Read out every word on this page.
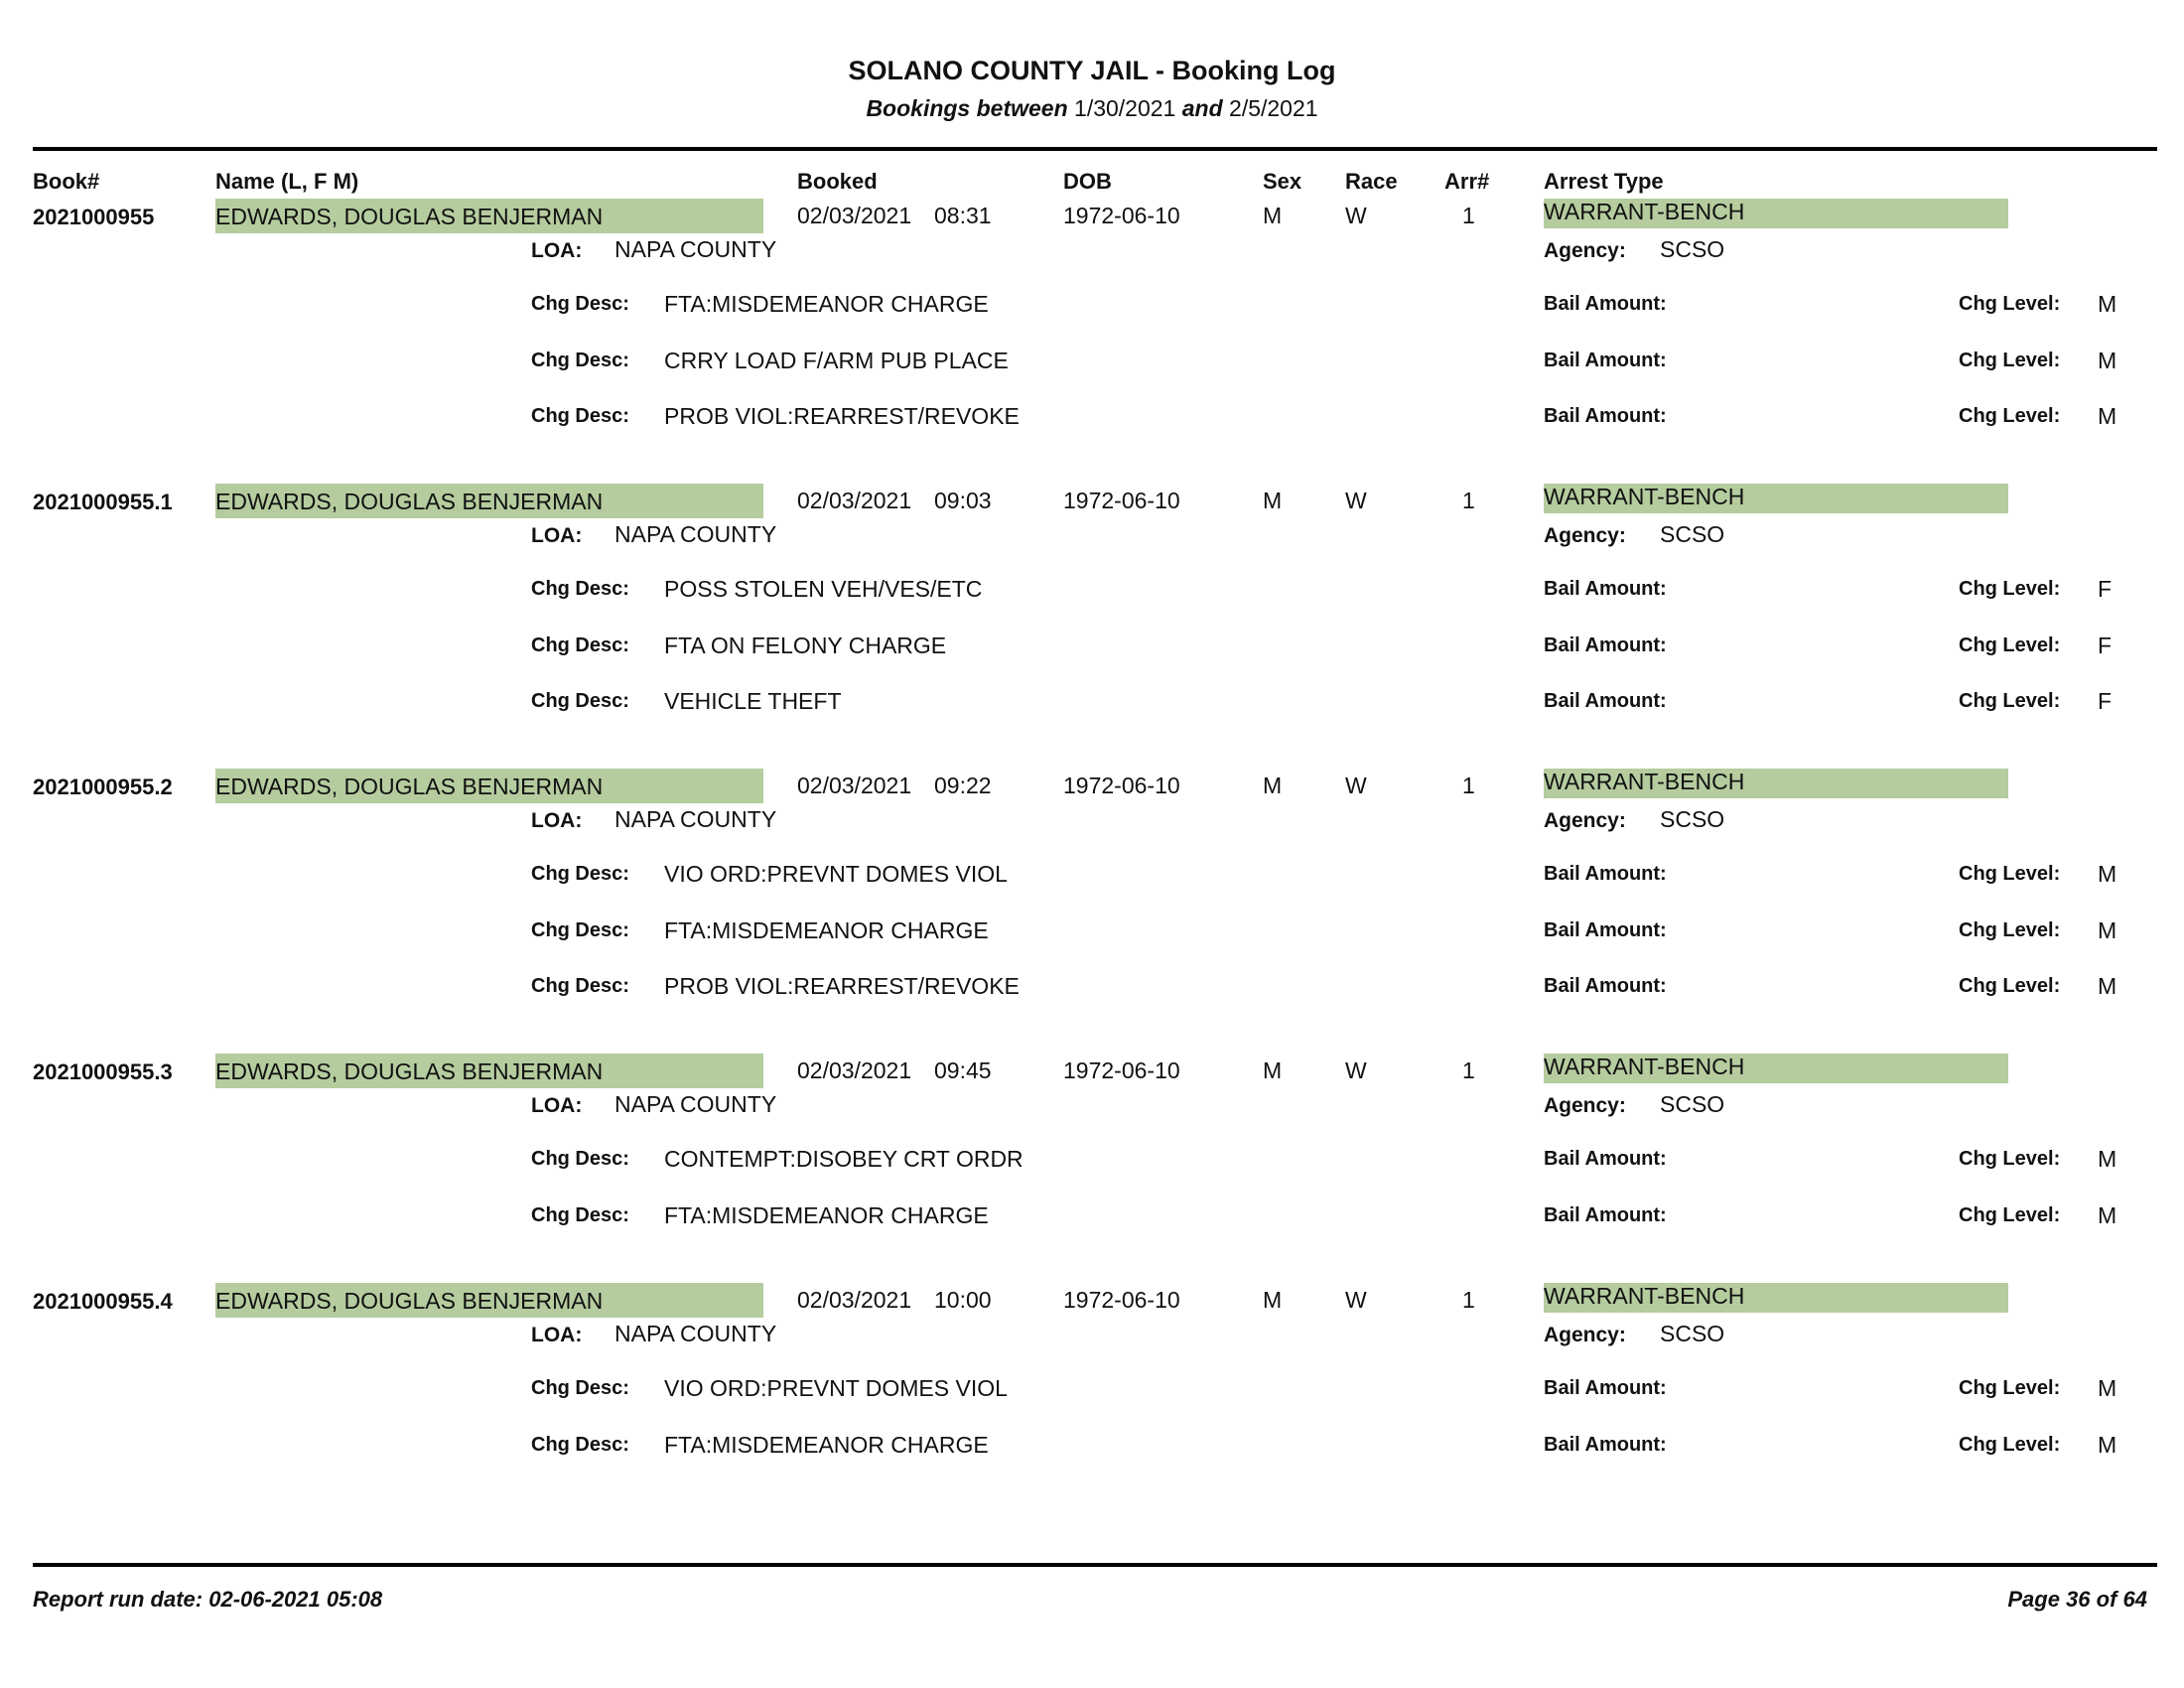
SOLANO COUNTY JAIL - Booking Log
Bookings between 1/30/2021 and 2/5/2021
Book#	Name (L, F M)	Booked	DOB	Sex Race Arr# Arrest Type
2021000955	EDWARDS, DOUGLAS BENJERMAN	02/03/2021 08:31	1972-06-10	M	W	1	WARRANT-BENCH
LOA: NAPA COUNTY	Agency: SCSO
Chg Desc: FTA:MISDEMEANOR CHARGE	Bail Amount:	Chg Level: M
Chg Desc: CRRY LOAD F/ARM PUB PLACE	Bail Amount:	Chg Level: M
Chg Desc: PROB VIOL:REARREST/REVOKE	Bail Amount:	Chg Level: M
2021000955.1 EDWARDS, DOUGLAS BENJERMAN	02/03/2021 09:03	1972-06-10	M	W	1	WARRANT-BENCH
LOA: NAPA COUNTY	Agency: SCSO
Chg Desc: POSS STOLEN VEH/VES/ETC	Bail Amount:	Chg Level: F
Chg Desc: FTA ON FELONY CHARGE	Bail Amount:	Chg Level: F
Chg Desc: VEHICLE THEFT	Bail Amount:	Chg Level: F
2021000955.2 EDWARDS, DOUGLAS BENJERMAN	02/03/2021 09:22	1972-06-10	M	W	1	WARRANT-BENCH
LOA: NAPA COUNTY	Agency: SCSO
Chg Desc: VIO ORD:PREVNT DOMES VIOL	Bail Amount:	Chg Level: M
Chg Desc: FTA:MISDEMEANOR CHARGE	Bail Amount:	Chg Level: M
Chg Desc: PROB VIOL:REARREST/REVOKE	Bail Amount:	Chg Level: M
2021000955.3 EDWARDS, DOUGLAS BENJERMAN	02/03/2021 09:45	1972-06-10	M	W	1	WARRANT-BENCH
LOA: NAPA COUNTY	Agency: SCSO
Chg Desc: CONTEMPT:DISOBEY CRT ORDR	Bail Amount:	Chg Level: M
Chg Desc: FTA:MISDEMEANOR CHARGE	Bail Amount:	Chg Level: M
2021000955.4 EDWARDS, DOUGLAS BENJERMAN	02/03/2021 10:00	1972-06-10	M	W	1	WARRANT-BENCH
LOA: NAPA COUNTY	Agency: SCSO
Chg Desc: VIO ORD:PREVNT DOMES VIOL	Bail Amount:	Chg Level: M
Chg Desc: FTA:MISDEMEANOR CHARGE	Bail Amount:	Chg Level: M
Report run date: 02-06-2021 05:08	Page 36 of 64
